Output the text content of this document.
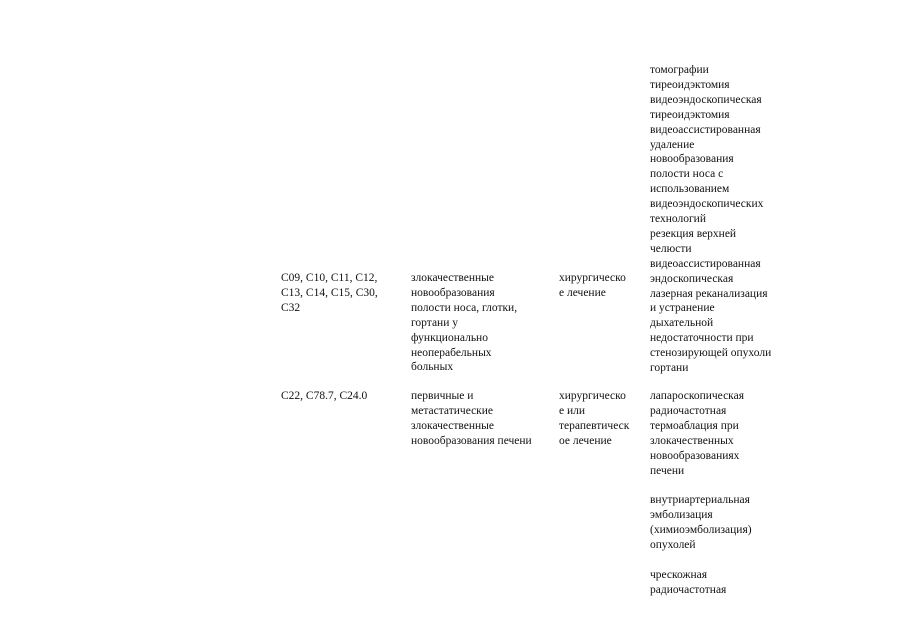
томографии
тиреоидэктомия
видеоэндоскопическая
тиреоидэктомия
видеоассистированная
удаление
новообразования
полости носа с
использованием
видеоэндоскопических
технологий
резекция верхней
челюсти
видеоассистированная
C09, C10, C11, C12,
C13, C14, C15, C30,
C32
злокачественные
новообразования
полости носа, глотки,
гортани у
функционально
неоперабельных
больных
хирургическо
е лечение
эндоскопическая
лазерная реканализация
и устранение
дыхательной
недостаточности при
стенозирующей опухоли
гортани
C22, C78.7, C24.0	первичные и
метастатические
злокачественные
новообразования печени
хирургическо
е или
терапевтическ
ое лечение
лапароскопическая
радиочастотная
термоаблация при
злокачественных
новообразованиях
печени
внутриартериальная
эмболизация
(химиоэмболизация)
опухолей
чрескожная
радиочастотная
